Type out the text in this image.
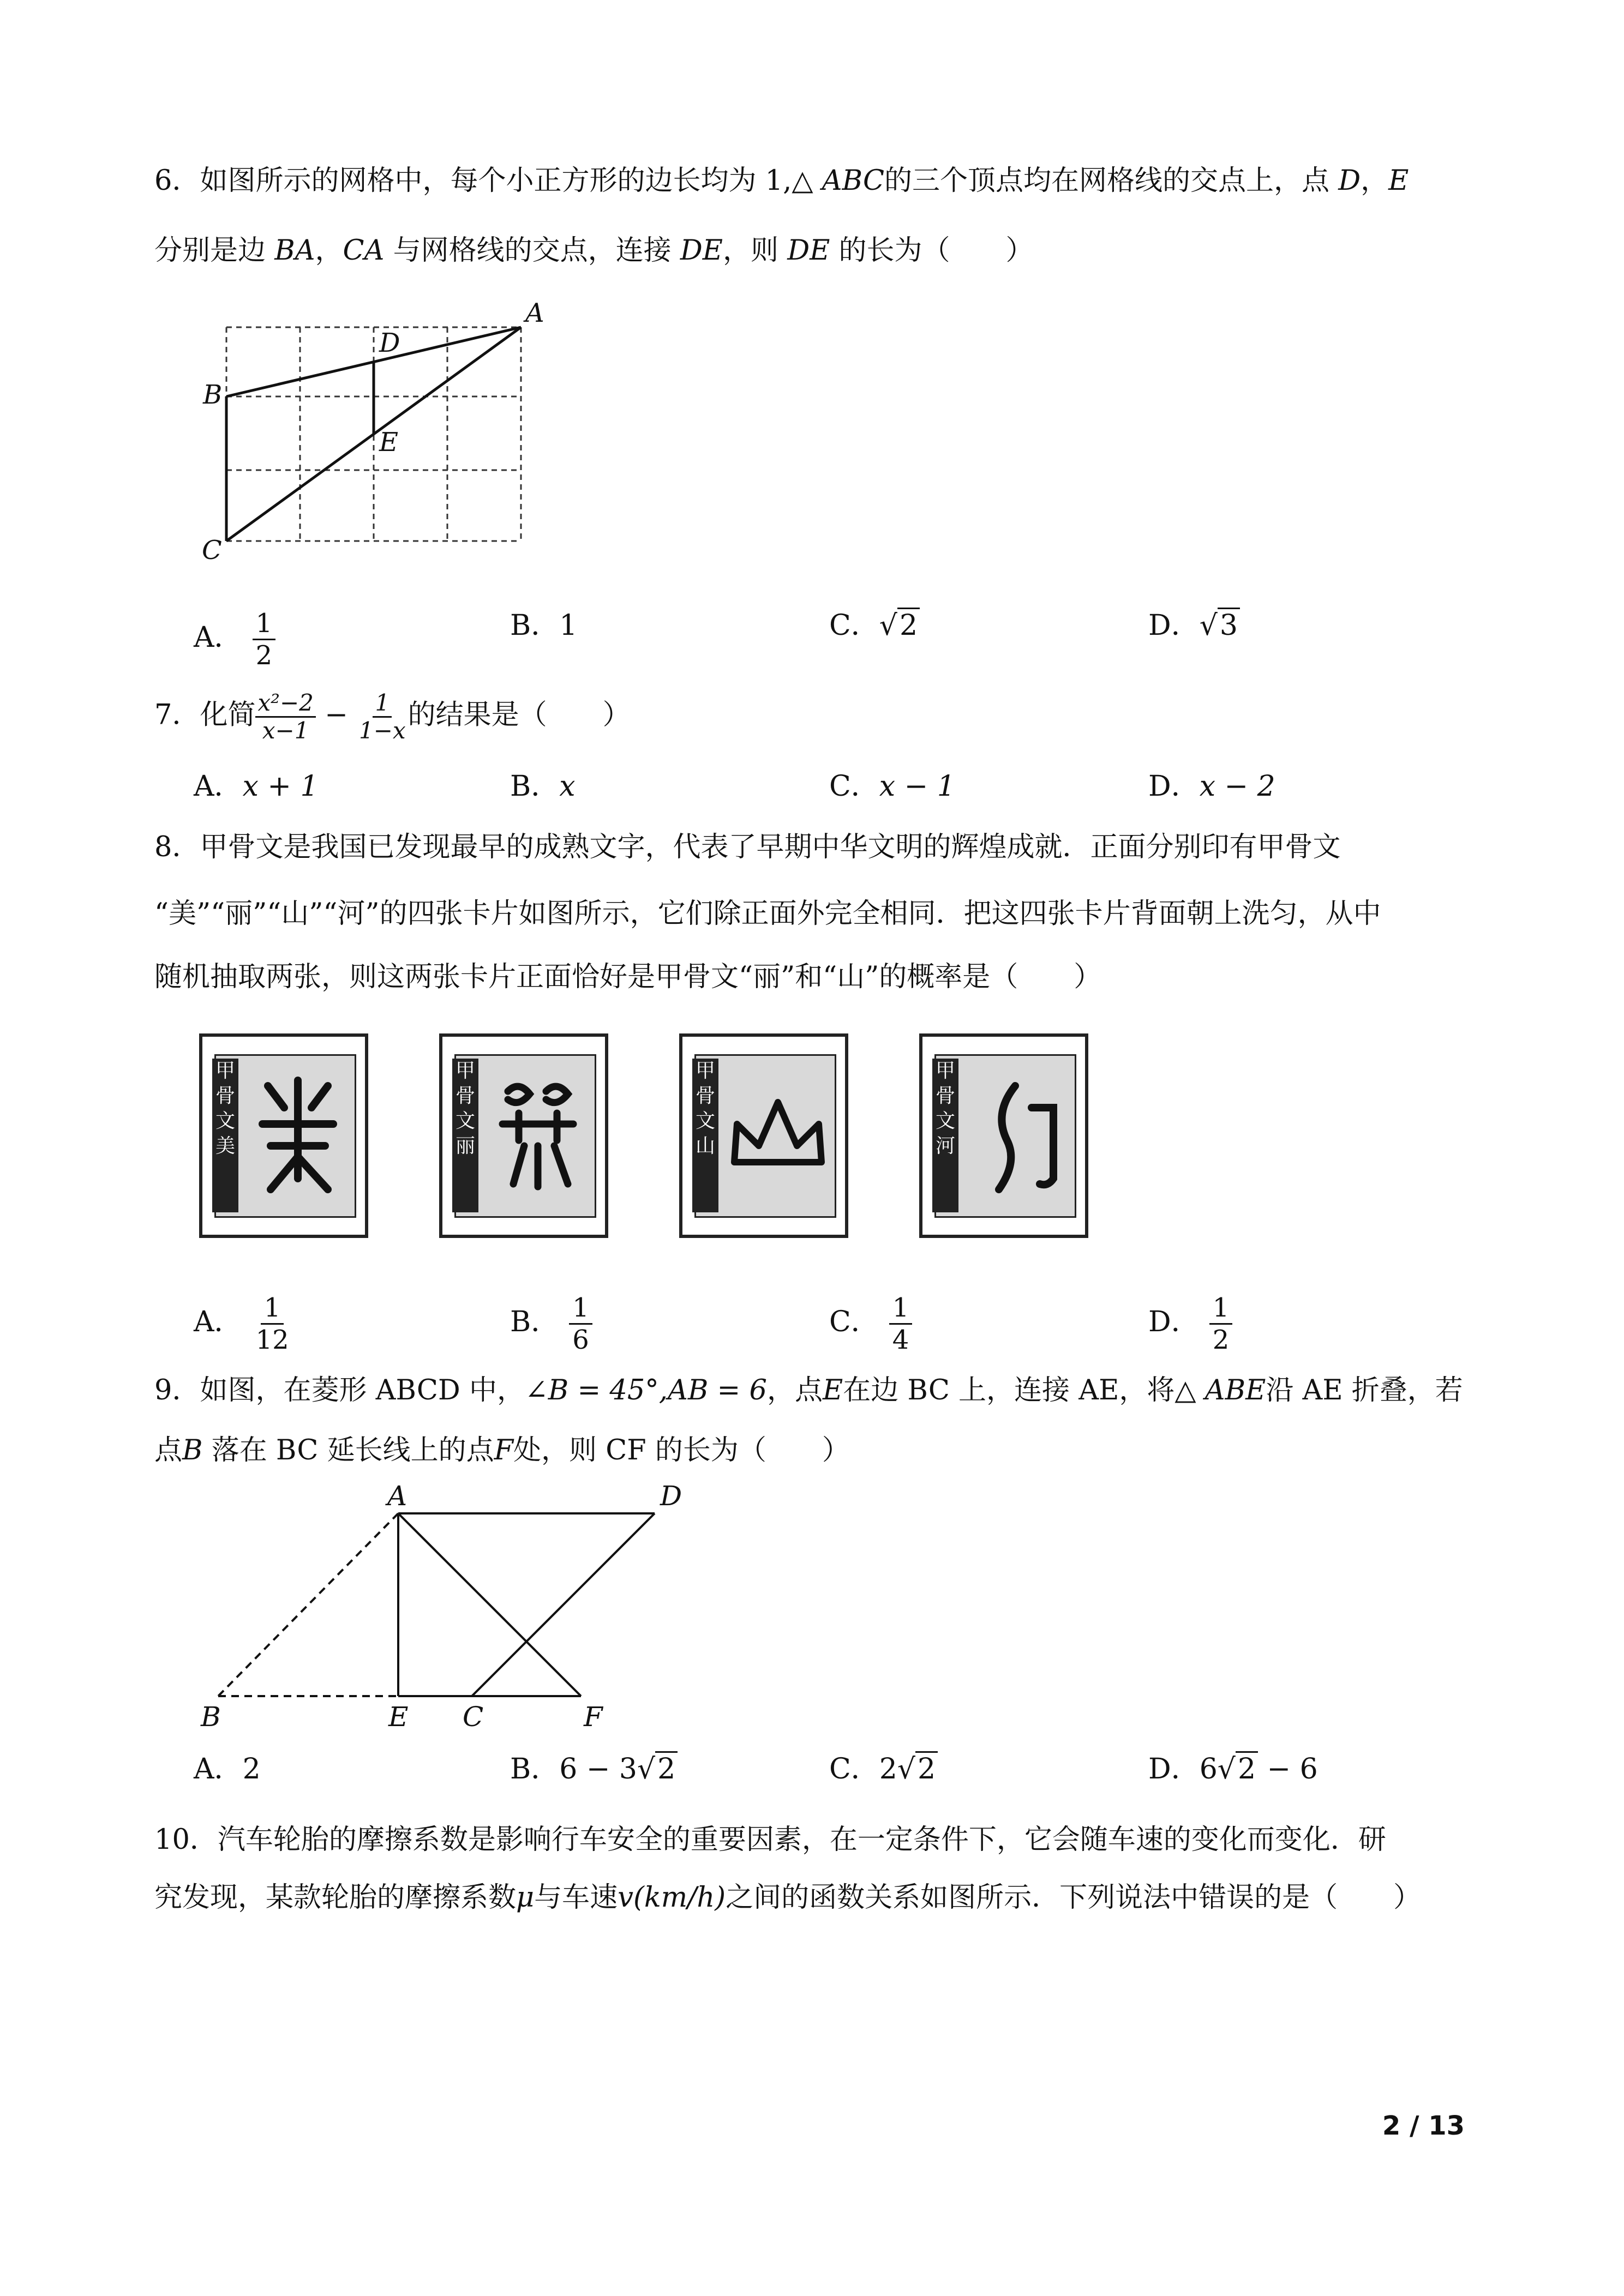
6．如图所示的网格中，每个小正方形的边长均为 1,△ ABC的三个顶点均在网格线的交点上，点 D，E
分别是边 BA，CA 与网格线的交点，连接 DE，则 DE 的长为（　　）
A
B
C
D
E
A． $\frac{1}{2}$	B．1	C．√2	D．√3
7．化简 $\frac{\text{x²−2}}{x-1} - \frac{1}{1-x}$ 的结果是（　　）
A．x + 1	B．x	C．x − 1	D．x − 2
8．甲骨文是我国已发现最早的成熟文字，代表了早期中华文明的辉煌成就．正面分别印有甲骨文
“美”“丽”“山”“河”的四张卡片如图所示，它们除正面外完全相同．把这四张卡片背面朝上洗匀，从中
随机抽取两张，则这两张卡片正面恰好是甲骨文“丽”和“山”的概率是（　　）
甲
骨
文
美
甲
骨
文
丽
甲
骨
文
山
甲
骨
文
河
A． $\frac{1}{12}$	B． $\frac{1}{6}$	C． $\frac{1}{4}$	D． $\frac{1}{2}$
9．如图，在菱形 ABCD 中，∠B = 45°,AB = 6，点E在边 BC 上，连接 AE，将△ ABE沿 AE 折叠，若
点B 落在 BC 延长线上的点F处，则 CF 的长为（　　）
A	D
B	E C	F
A．2	B．6 − 3√2	C．2√2	D．6√2 − 6
10．汽车轮胎的摩擦系数是影响行车安全的重要因素，在一定条件下，它会随车速的变化而变化．研
究发现，某款轮胎的摩擦系数μ与车速v(km/h)之间的函数关系如图所示．下列说法中错误的是（　　）
2 / 13
